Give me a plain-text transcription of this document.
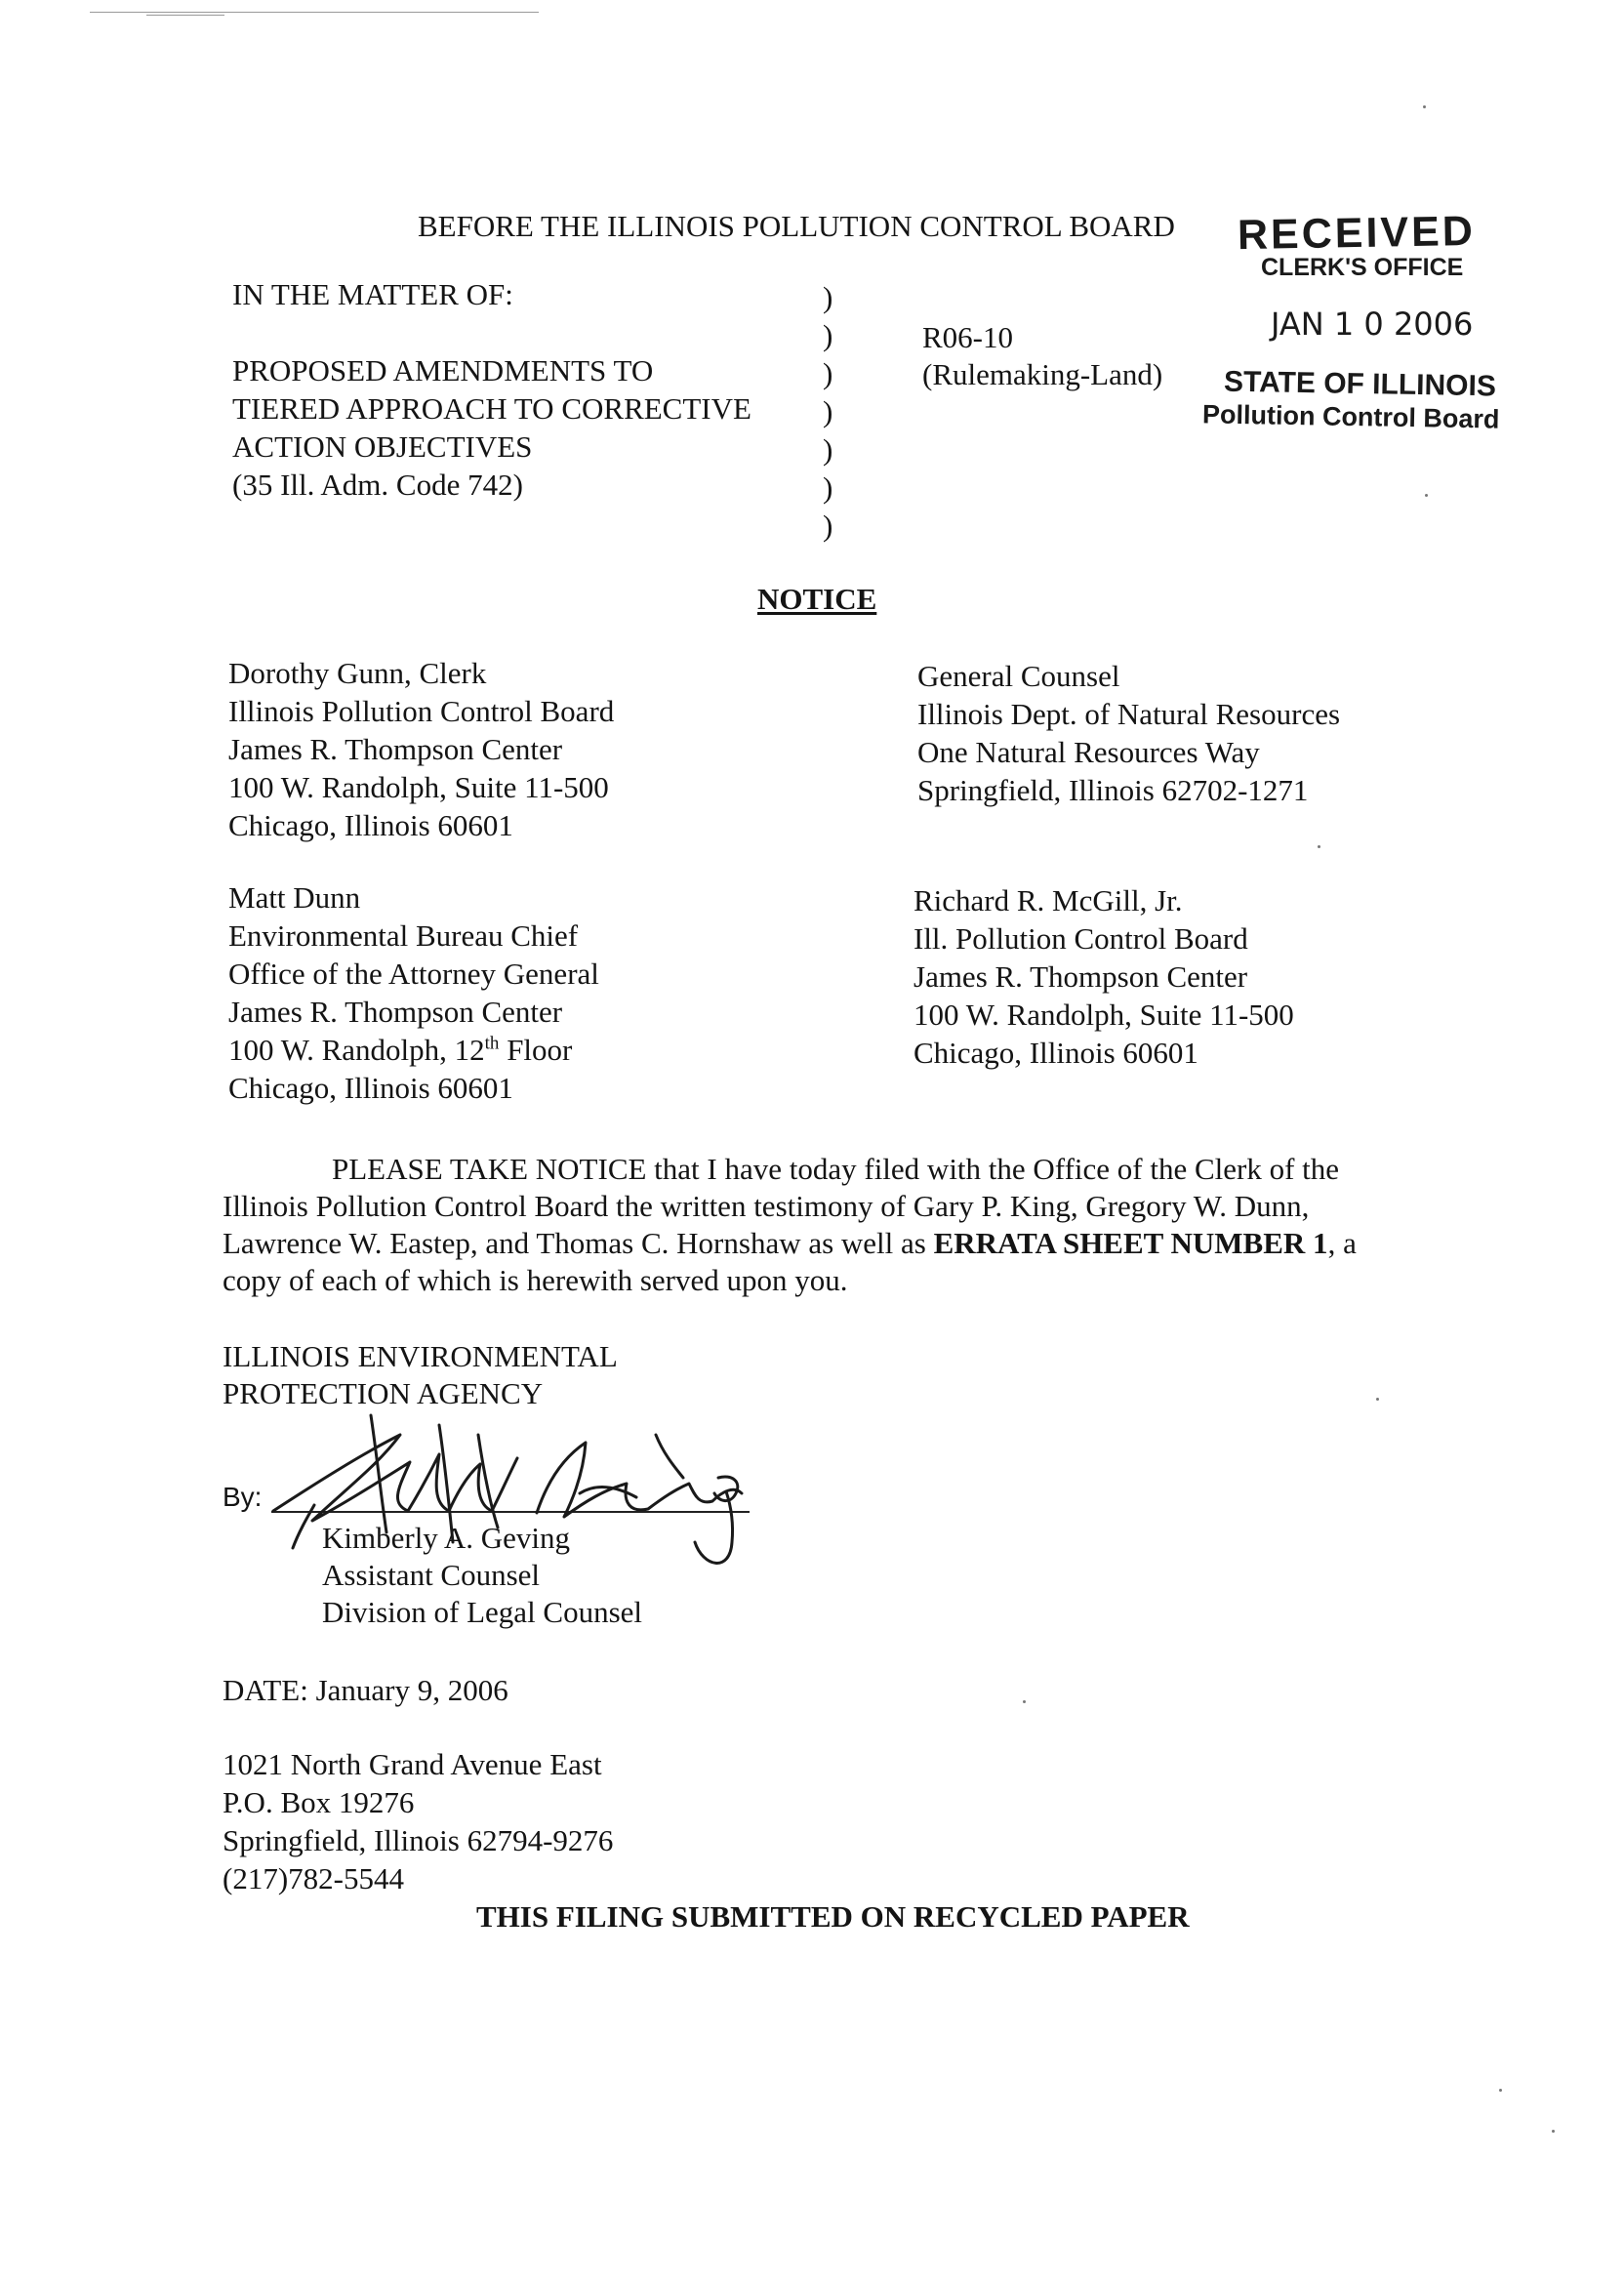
BEFORE THE ILLINOIS POLLUTION CONTROL BOARD RECEIVED
CLERK'S OFFICE
JAN 1 0 2006
STATE OF ILLINOIS
Pollution Control Board
IN THE MATTER OF:
PROPOSED AMENDMENTS TO
TIERED APPROACH TO CORRECTIVE
ACTION OBJECTIVES
(35 Ill. Adm. Code 742)
)
)
)
)
)
)
)
R06-10
(Rulemaking-Land)
NOTICE
Dorothy Gunn, Clerk
Illinois Pollution Control Board
James R. Thompson Center
100 W. Randolph, Suite 11-500
Chicago, Illinois 60601
General Counsel
Illinois Dept. of Natural Resources
One Natural Resources Way
Springfield, Illinois 62702-1271
Matt Dunn
Environmental Bureau Chief
Office of the Attorney General
James R. Thompson Center
100 W. Randolph, 12th Floor
Chicago, Illinois 60601
Richard R. McGill, Jr.
Ill. Pollution Control Board
James R. Thompson Center
100 W. Randolph, Suite 11-500
Chicago, Illinois 60601
PLEASE TAKE NOTICE that I have today filed with the Office of the Clerk of the
Illinois Pollution Control Board the written testimony of Gary P. King, Gregory W. Dunn,
Lawrence W. Eastep, and Thomas C. Hornshaw as well as ERRATA SHEET NUMBER 1, a
copy of each of which is herewith served upon you.
ILLINOIS ENVIRONMENTAL
PROTECTION AGENCY
By:
Kimberly A. Geving
Assistant Counsel
Division of Legal Counsel
DATE: January 9, 2006
1021 North Grand Avenue East
P.O. Box 19276
Springfield, Illinois 62794-9276
(217)782-5544
THIS FILING SUBMITTED ON RECYCLED PAPER
